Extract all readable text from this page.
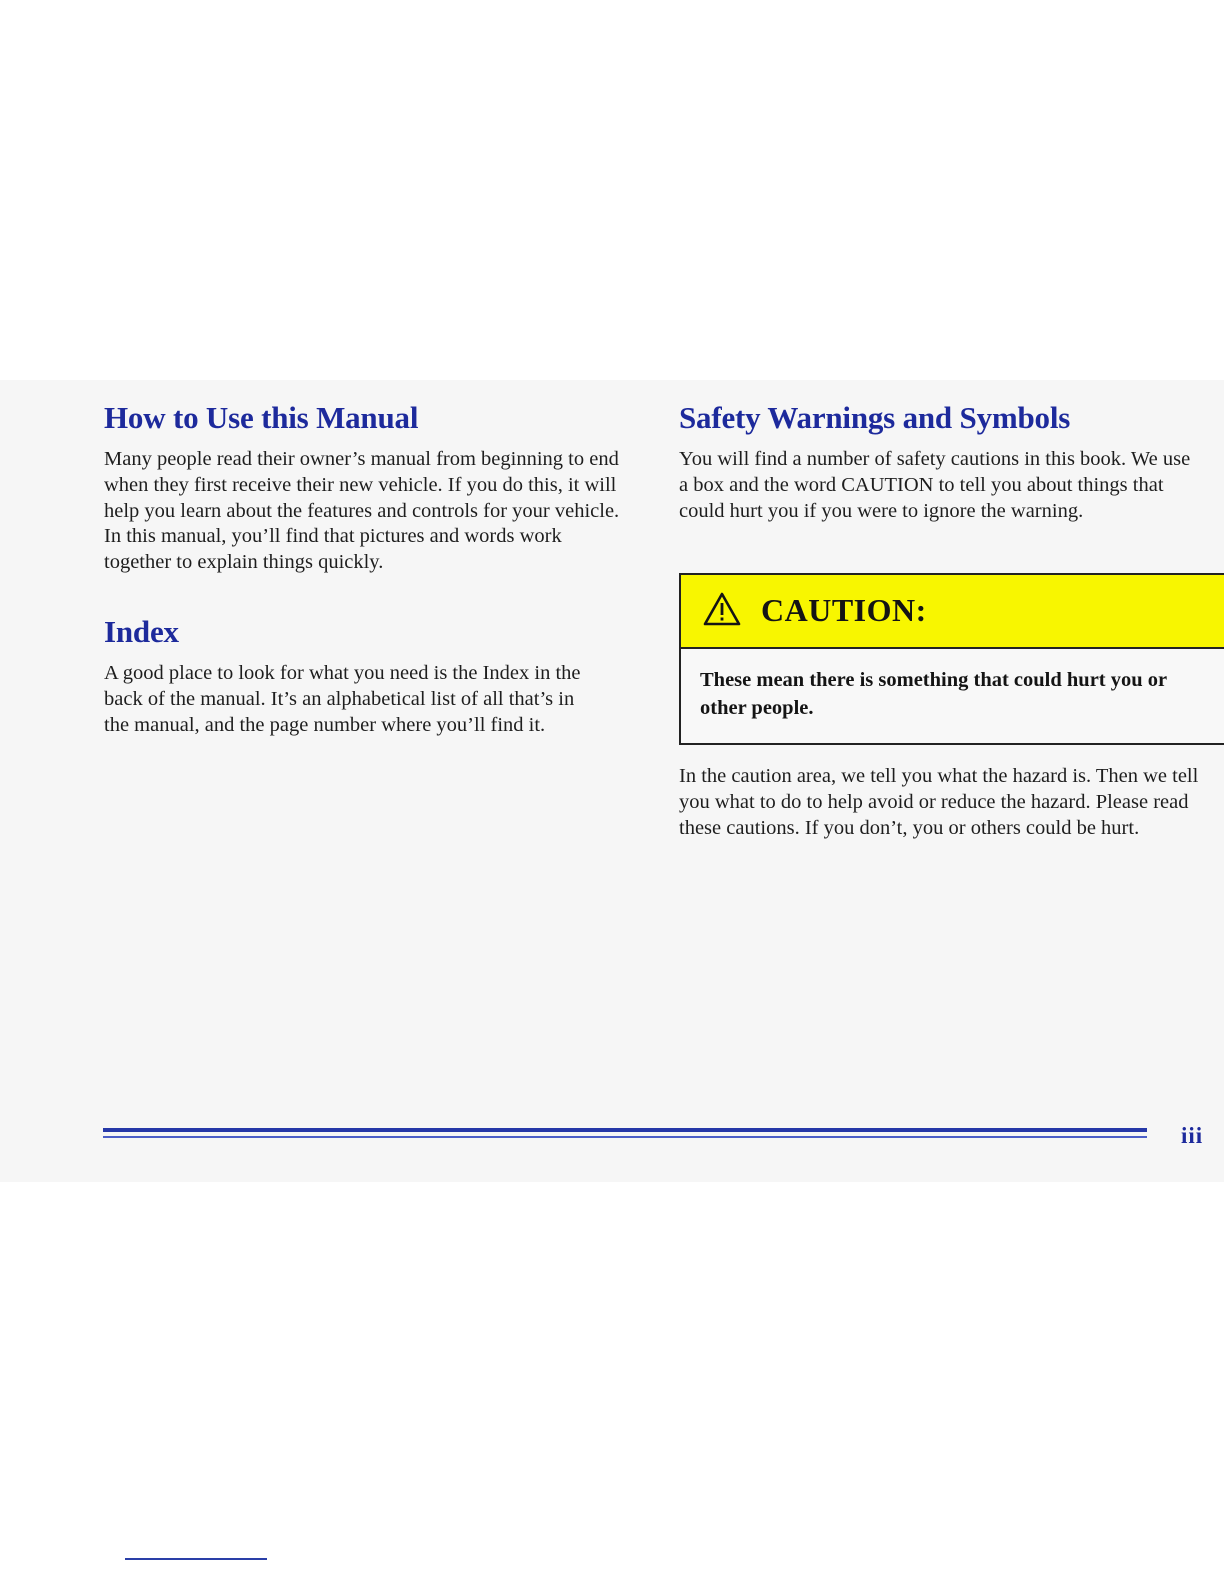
How to Use this Manual

Many people read their owner’s manual from beginning to end when they first receive their new vehicle. If you do this, it will help you learn about the features and controls for your vehicle. In this manual, you’ll find that pictures and words work together to explain things quickly.

Index

A good place to look for what you need is the Index in the back of the manual. It’s an alphabetical list of all that’s in the manual, and the page number where you’ll find it.

Safety Warnings and Symbols

You will find a number of safety cautions in this book. We use a box and the word CAUTION to tell you about things that could hurt you if you were to ignore the warning.

CAUTION:

These mean there is something that could hurt you or other people.

In the caution area, we tell you what the hazard is. Then we tell you what to do to help avoid or reduce the hazard. Please read these cautions. If you don’t, you or others could be hurt.

iii
